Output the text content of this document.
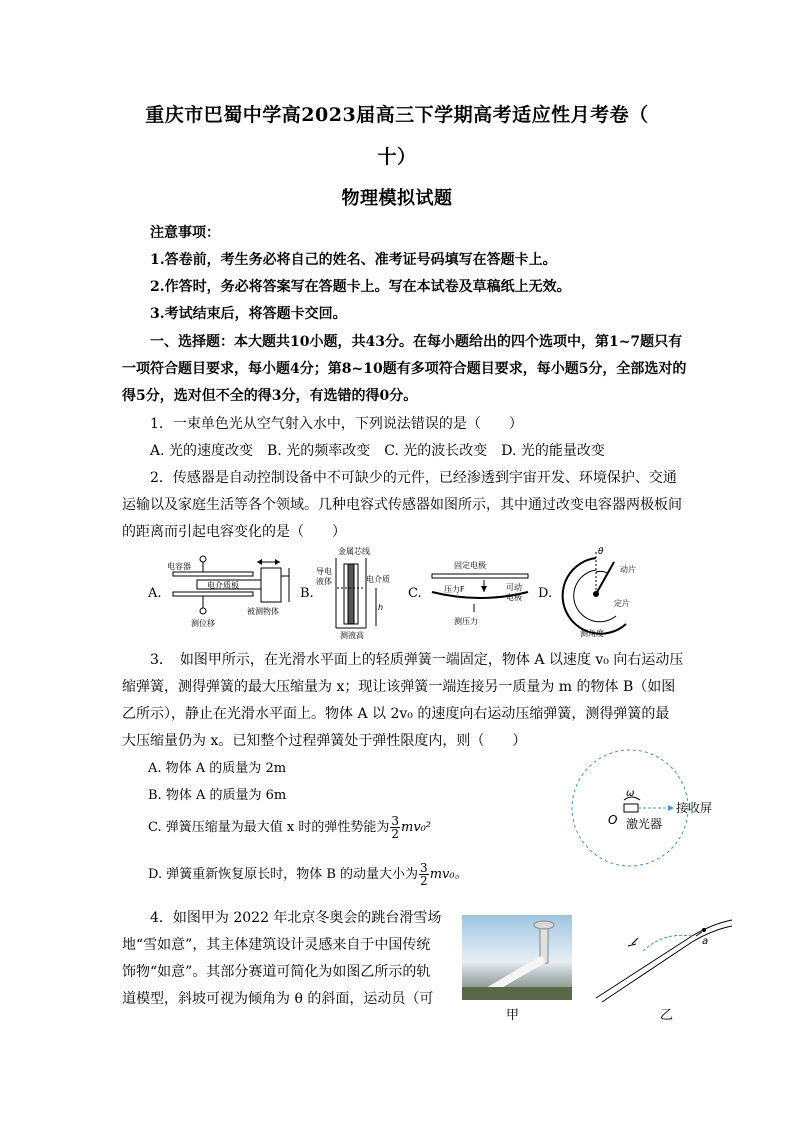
重庆市巴蜀中学高2023届高三下学期高考适应性月考卷（
十）
物理模拟试题
注意事项：
1.答卷前，考生务必将自己的姓名、准考证号码填写在答题卡上。
2.作答时，务必将答案写在答题卡上。写在本试卷及草稿纸上无效。
3.考试结束后，将答题卡交回。
一、选择题：本大题共10小题，共43分。在每小题给出的四个选项中，第1~7题只有
一项符合题目要求，每小题4分；第8~10题有多项符合题目要求，每小题5分，全部选对的
得5分，选对但不全的得3分，有选错的得0分。
1．一束单色光从空气射入水中，下列说法错误的是（　　）
A. 光的速度改变　B. 光的频率改变　C. 光的波长改变　D. 光的能量改变
2．传感器是自动控制设备中不可缺少的元件，已经渗透到宇宙开发、环境保护、交通
运输以及家庭生活等各个领域。几种电容式传感器如图所示，其中通过改变电容器两极板间
的距离而引起电容变化的是（　　）
A.
电容器
电介质板
被测物体
测位移
B.
h
金属芯线
导电
液体	电介质
测液高
C.
固定电极
压力F	可动
电极
测压力
D.
θ
动片
定片
测角度
3．　如图甲所示，在光滑水平面上的轻质弹簧一端固定，物体 A 以速度 v₀ 向右运动压
缩弹簧，测得弹簧的最大压缩量为 x；现让该弹簧一端连接另一质量为 m 的物体 B（如图
乙所示），静止在光滑水平面上。物体 A 以 2v₀ 的速度向右运动压缩弹簧，测得弹簧的最
大压缩量仍为 x。已知整个过程弹簧处于弹性限度内，则（　　）
A. 物体 A 的质量为 2m
B. 物体 A 的质量为 6m
C. 弹簧压缩量为最大值 x 时的弹性势能为 $\frac{3}{2} mv_0^2$
D. 弹簧重新恢复原长时，物体 B 的动量大小为 $\frac{3}{2} mv_0$。
ω
O 激光器
接收屏
4．如图甲为 2022 年北京冬奥会的跳台滑雪场
地“雪如意”，其主体建筑设计灵感来自于中国传统
饰物“如意”。其部分赛道可简化为如图乙所示的轨
道模型，斜坡可视为倾角为 θ 的斜面，运动员（可
甲
a
乙
